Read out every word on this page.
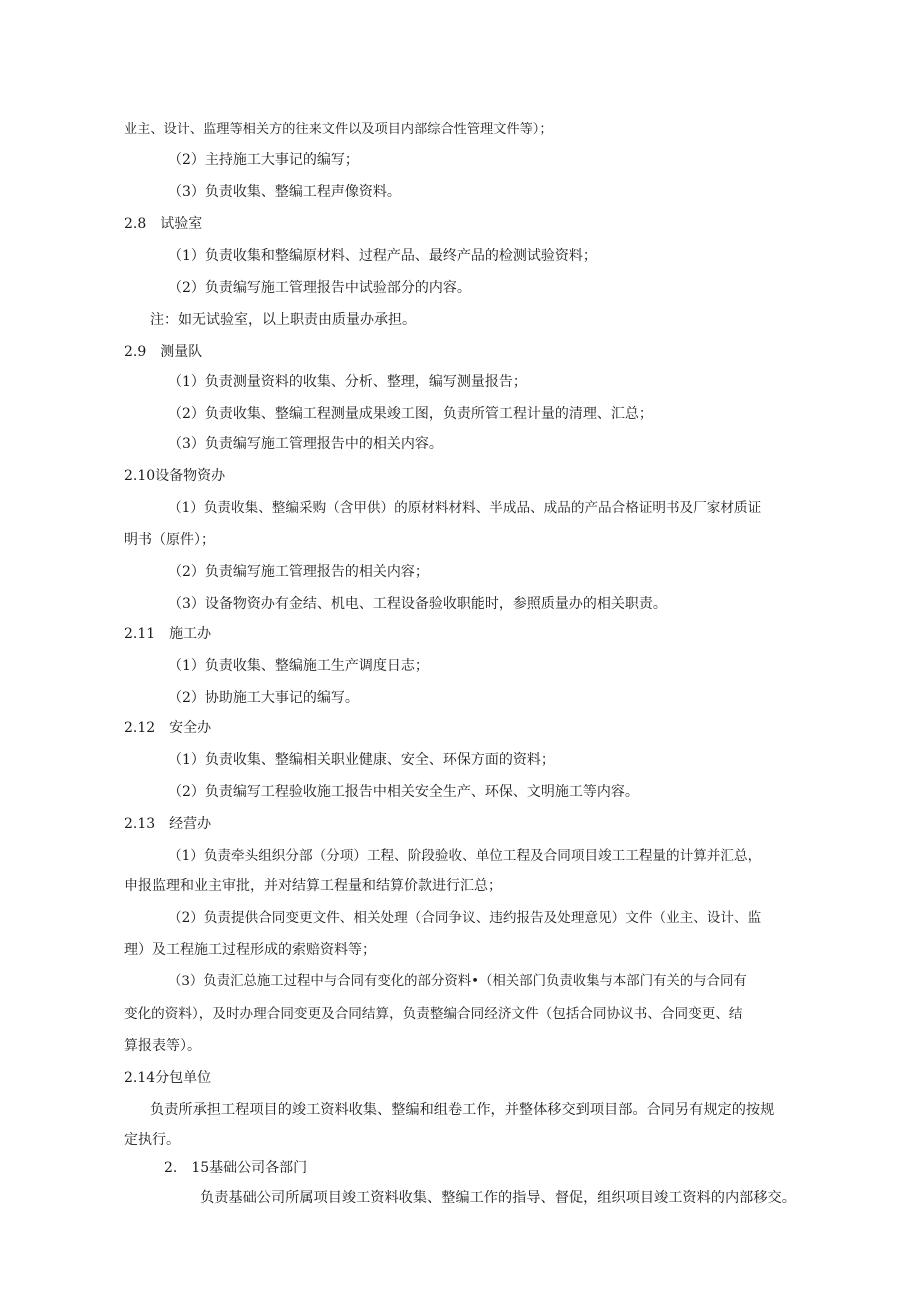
业主、设计、监理等相关方的往来文件以及项目内部综合性管理文件等）；
（2）主持施工大事记的编写；
（3）负责收集、整编工程声像资料。
2.8　试验室
（1）负责收集和整编原材料、过程产品、最终产品的检测试验资料；
（2）负责编写施工管理报告中试验部分的内容。
注：如无试验室，以上职责由质量办承担。
2.9　测量队
（1）负责测量资料的收集、分析、整理，编写测量报告；
（2）负责收集、整编工程测量成果竣工图，负责所管工程计量的清理、汇总；
（3）负责编写施工管理报告中的相关内容。
2.10设备物资办
（1）负责收集、整编采购（含甲供）的原材料材料、半成品、成品的产品合格证明书及厂家材质证
明书（原件）；
（2）负责编写施工管理报告的相关内容；
（3）设备物资办有金结、机电、工程设备验收职能时，参照质量办的相关职责。
2.11　施工办
（1）负责收集、整编施工生产调度日志；
（2）协助施工大事记的编写。
2.12　安全办
（1）负责收集、整编相关职业健康、安全、环保方面的资料；
（2）负责编写工程验收施工报告中相关安全生产、环保、文明施工等内容。
2.13　经营办
（1）负责牵头组织分部（分项）工程、阶段验收、单位工程及合同项目竣工工程量的计算并汇总，
申报监理和业主审批，并对结算工程量和结算价款进行汇总；
（2）负责提供合同变更文件、相关处理（合同争议、违约报告及处理意见）文件（业主、设计、监
理）及工程施工过程形成的索赔资料等；
（3）负责汇总施工过程中与合同有变化的部分资料•（相关部门负责收集与本部门有关的与合同有
变化的资料），及时办理合同变更及合同结算，负责整编合同经济文件（包括合同协议书、合同变更、结
算报表等）。
2.14分包单位
负责所承担工程项目的竣工资料收集、整编和组卷工作，并整体移交到项目部。合同另有规定的按规
定执行。
2.　15基础公司各部门
负责基础公司所属项目竣工资料收集、整编工作的指导、督促，组织项目竣工资料的内部移交。
